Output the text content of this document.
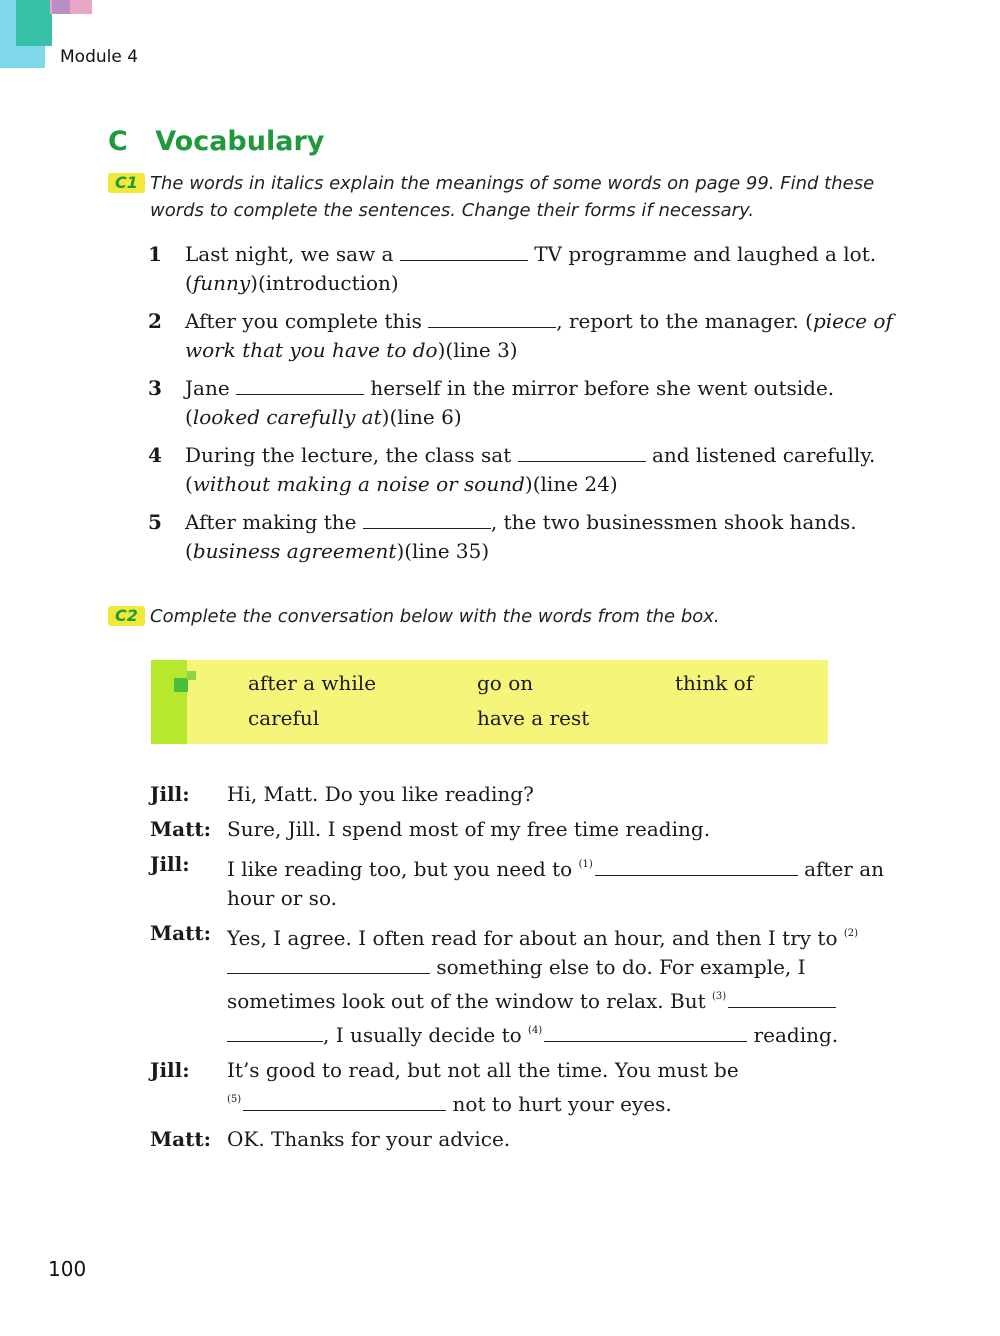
Module 4
C Vocabulary
C1 The words in italics explain the meanings of some words on page 99. Find these words to complete the sentences. Change their forms if necessary.
1 Last night, we saw a	TV programme and laughed a lot.
(funny)(introduction)
2 After you complete this	, report to the manager. (piece of work that you have to do)(line 3)
3 Jane	herself in the mirror before she went outside.
(looked carefully at)(line 6)
4 During the lecture, the class sat	and listened carefully.
(without making a noise or sound)(line 24)
5 After making the	, the two businessmen shook hands.
(business agreement)(line 35)
C2 Complete the conversation below with the words from the box.
after a while	go on	think of
careful	have a rest
Jill: Hi, Matt. Do you like reading?
Matt: Sure, Jill. I spend most of my free time reading.
Jill: I like reading too, but you need to $^{(1)}$	after an hour or so.
Matt: Yes, I agree. I often read for about an hour, and then I try to $^{(2)}$ something else to do. For example, I sometimes look out of the window to relax. But $^{(3)}$ , I usually decide to $^{(4)}$	reading.
Jill: It’s good to read, but not all the time. You must be
$^{(5)}$	not to hurt your eyes.
Matt: OK. Thanks for your advice.
100
